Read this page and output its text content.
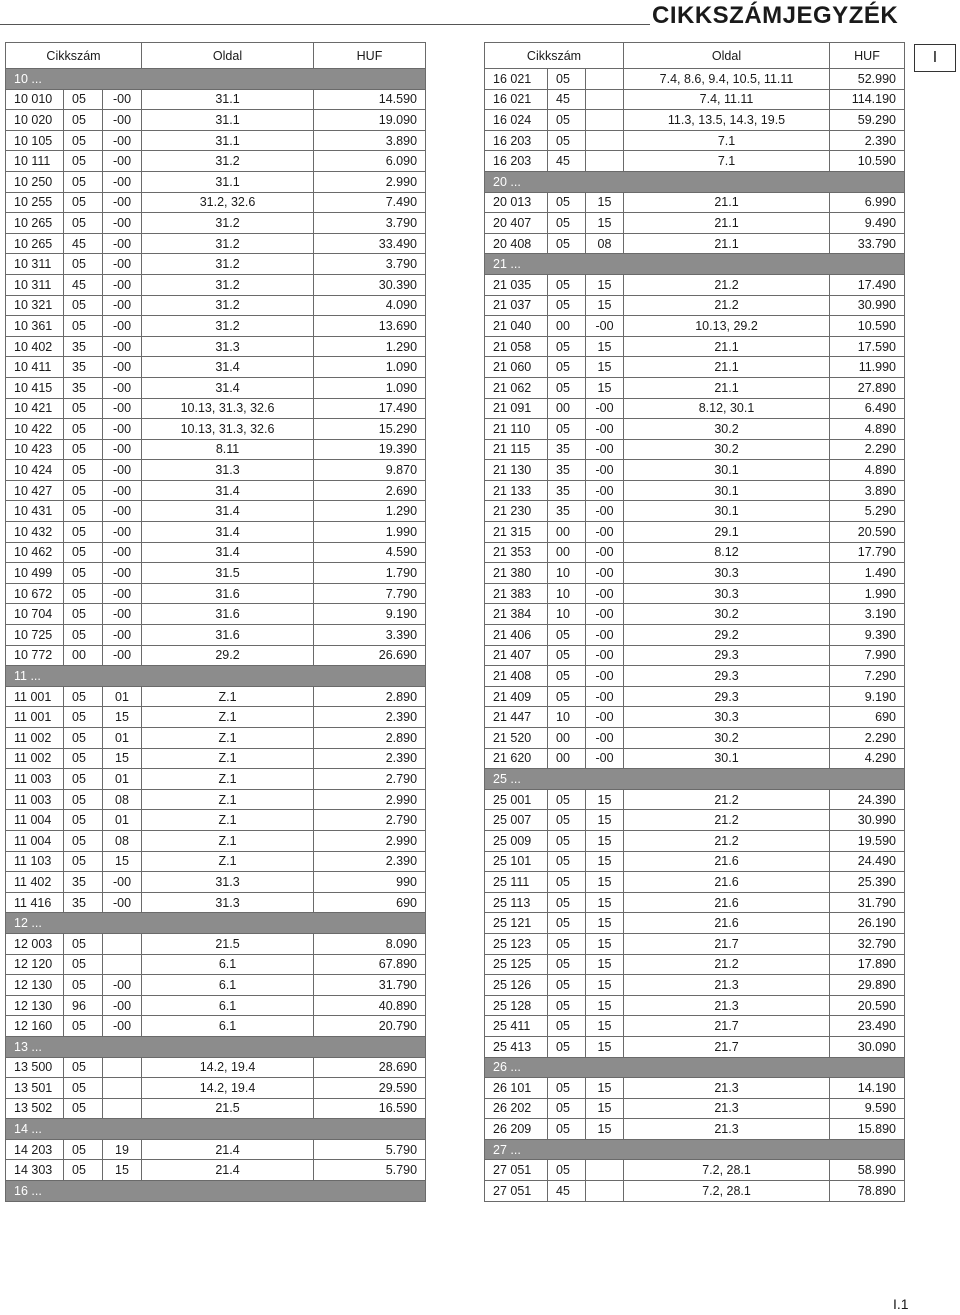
CIKKSZÁMJEGYZÉK
I
Cikkszám			Oldal	HUF
10 ...				
10 010	05	-00	31.1	14.590
10 020	05	-00	31.1	19.090
10 105	05	-00	31.1	3.890
10 111	05	-00	31.2	6.090
10 250	05	-00	31.1	2.990
10 255	05	-00	31.2, 32.6	7.490
10 265	05	-00	31.2	3.790
10 265	45	-00	31.2	33.490
10 311	05	-00	31.2	3.790
10 311	45	-00	31.2	30.390
10 321	05	-00	31.2	4.090
10 361	05	-00	31.2	13.690
10 402	35	-00	31.3	1.290
10 411	35	-00	31.4	1.090
10 415	35	-00	31.4	1.090
10 421	05	-00	10.13, 31.3, 32.6	17.490
10 422	05	-00	10.13, 31.3, 32.6	15.290
10 423	05	-00	8.11	19.390
10 424	05	-00	31.3	9.870
10 427	05	-00	31.4	2.690
10 431	05	-00	31.4	1.290
10 432	05	-00	31.4	1.990
10 462	05	-00	31.4	4.590
10 499	05	-00	31.5	1.790
10 672	05	-00	31.6	7.790
10 704	05	-00	31.6	9.190
10 725	05	-00	31.6	3.390
10 772	00	-00	29.2	26.690
11 ...				
11 001	05	01	Z.1	2.890
11 001	05	15	Z.1	2.390
11 002	05	01	Z.1	2.890
11 002	05	15	Z.1	2.390
11 003	05	01	Z.1	2.790
11 003	05	08	Z.1	2.990
11 004	05	01	Z.1	2.790
11 004	05	08	Z.1	2.990
11 103	05	15	Z.1	2.390
11 402	35	-00	31.3	990
11 416	35	-00	31.3	690
12 ...				
12 003	05		21.5	8.090
12 120	05		6.1	67.890
12 130	05	-00	6.1	31.790
12 130	96	-00	6.1	40.890
12 160	05	-00	6.1	20.790
13 ...				
13 500	05		14.2, 19.4	28.690
13 501	05		14.2, 19.4	29.590
13 502	05		21.5	16.590
14 ...				
14 203	05	19	21.4	5.790
14 303	05	15	21.4	5.790
16 ...				
Cikkszám			Oldal	HUF
16 021	05		7.4, 8.6, 9.4, 10.5, 11.11	52.990
16 021	45		7.4, 11.11	114.190
16 024	05		11.3, 13.5, 14.3, 19.5	59.290
16 203	05		7.1	2.390
16 203	45		7.1	10.590
20 ...				
20 013	05	15	21.1	6.990
20 407	05	15	21.1	9.490
20 408	05	08	21.1	33.790
21 ...				
21 035	05	15	21.2	17.490
21 037	05	15	21.2	30.990
21 040	00	-00	10.13, 29.2	10.590
21 058	05	15	21.1	17.590
21 060	05	15	21.1	11.990
21 062	05	15	21.1	27.890
21 091	00	-00	8.12, 30.1	6.490
21 110	05	-00	30.2	4.890
21 115	35	-00	30.2	2.290
21 130	35	-00	30.1	4.890
21 133	35	-00	30.1	3.890
21 230	35	-00	30.1	5.290
21 315	00	-00	29.1	20.590
21 353	00	-00	8.12	17.790
21 380	10	-00	30.3	1.490
21 383	10	-00	30.3	1.990
21 384	10	-00	30.2	3.190
21 406	05	-00	29.2	9.390
21 407	05	-00	29.3	7.990
21 408	05	-00	29.3	7.290
21 409	05	-00	29.3	9.190
21 447	10	-00	30.3	690
21 520	00	-00	30.2	2.290
21 620	00	-00	30.1	4.290
25 ...				
25 001	05	15	21.2	24.390
25 007	05	15	21.2	30.990
25 009	05	15	21.2	19.590
25 101	05	15	21.6	24.490
25 111	05	15	21.6	25.390
25 113	05	15	21.6	31.790
25 121	05	15	21.6	26.190
25 123	05	15	21.7	32.790
25 125	05	15	21.2	17.890
25 126	05	15	21.3	29.890
25 128	05	15	21.3	20.590
25 411	05	15	21.7	23.490
25 413	05	15	21.7	30.090
26 ...				
26 101	05	15	21.3	14.190
26 202	05	15	21.3	9.590
26 209	05	15	21.3	15.890
27 ...				
27 051	05		7.2, 28.1	58.990
27 051	45		7.2, 28.1	78.890
I.1
